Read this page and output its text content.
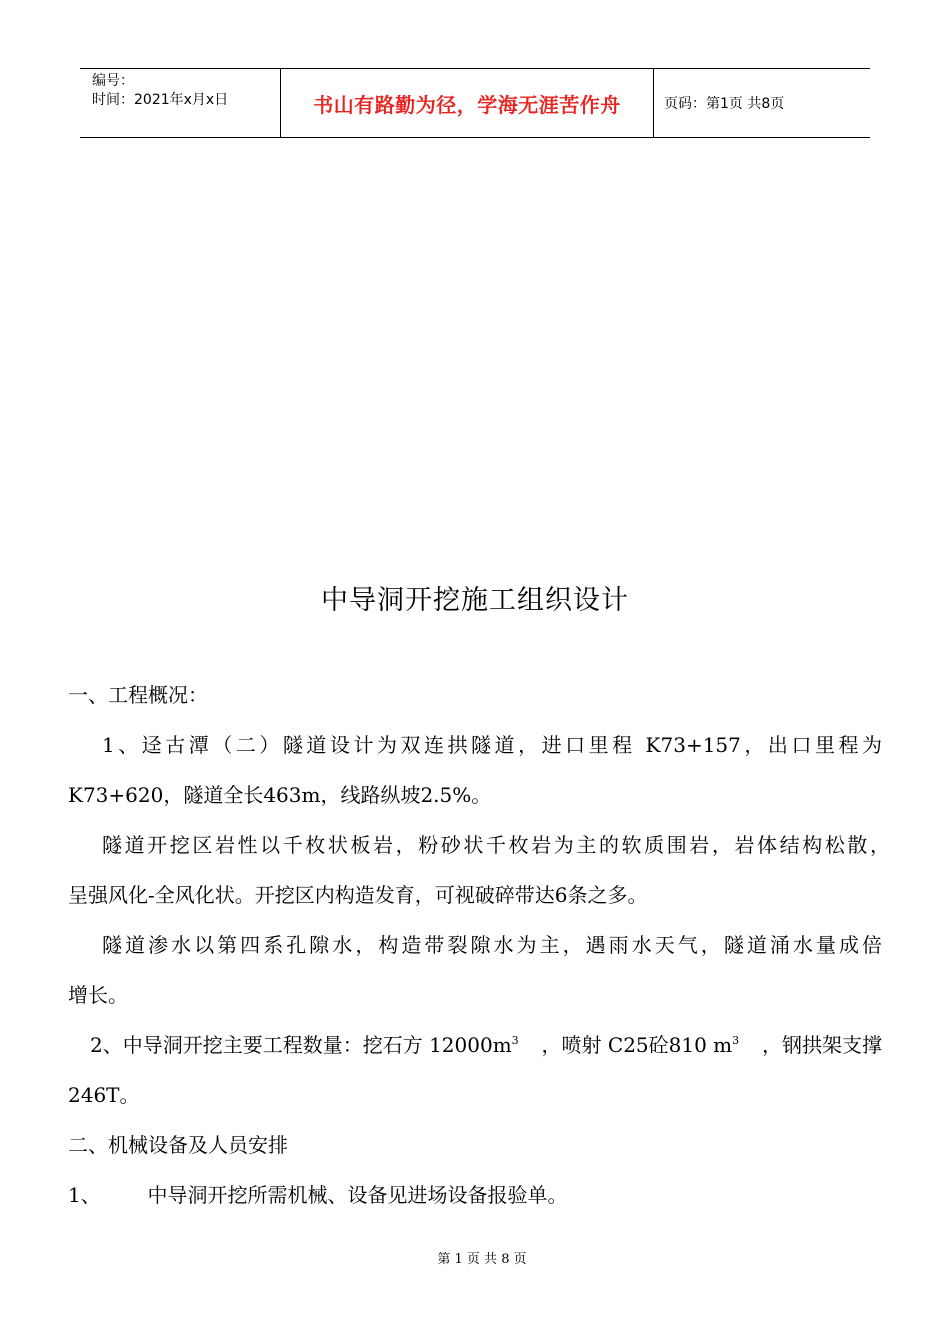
编号：
时间：2021年x月x日	书山有路勤为径，学海无涯苦作舟	页码：第1页 共8页
中导洞开挖施工组织设计
一、工程概况：
1、迳古潭（二）隧道设计为双连拱隧道，进口里程 K73+157，出口里程为
K73+620，隧道全长463m，线路纵坡2.5%。
隧道开挖区岩性以千枚状板岩，粉砂状千枚岩为主的软质围岩，岩体结构松散，
呈强风化-全风化状。开挖区内构造发育，可视破碎带达6条之多。
隧道渗水以第四系孔隙水，构造带裂隙水为主，遇雨水天气，隧道涌水量成倍
增长。
2、中导洞开挖主要工程数量：挖石方 $12000m^3$ ，喷射 C25砼810 $m^3$ ，钢拱架支撑
246T。
二、机械设备及人员安排
1、 中导洞开挖所需机械、设备见进场设备报验单。
第 1 页 共 8 页
